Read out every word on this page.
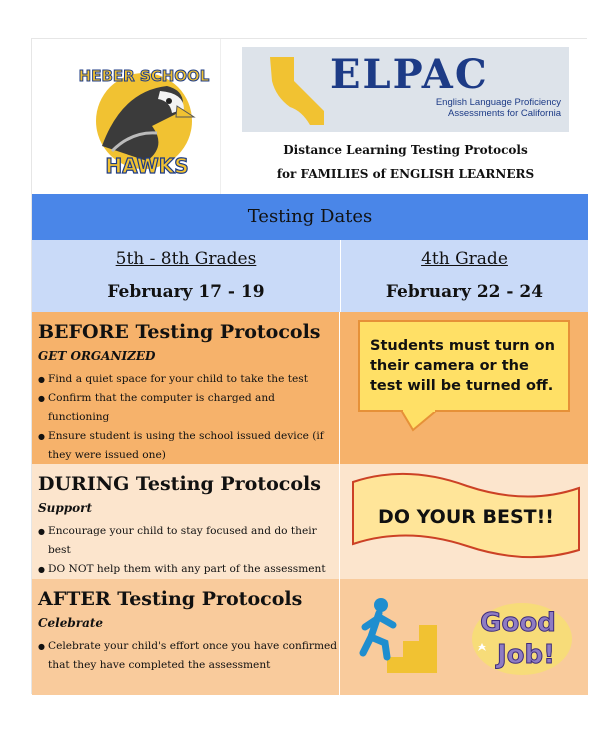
HEBER SCHOOL
HAWKS
ELPAC
English Language Proficiency
Assessments for California
Distance Learning Testing Protocols
for FAMILIES of ENGLISH LEARNERS
Testing Dates
5th - 8th Grades
February 17 - 19
4th Grade
February 22 - 24
BEFORE Testing Protocols
GET ORGANIZED
● Find a quiet space for your child to take the test
● Confirm that the computer is charged and functioning
● Ensure student is using the school issued device (if
they were issued one)
Students must turn on their camera or the test will be turned off.
DURING Testing Protocols
Support
● Encourage your child to stay focused and do their best
● DO NOT help them with any part of the assessment
DO YOUR BEST!!
AFTER Testing Protocols
Celebrate
● Celebrate your child's effort once you have confirmed
that they have completed the assessment
Good
Job!
